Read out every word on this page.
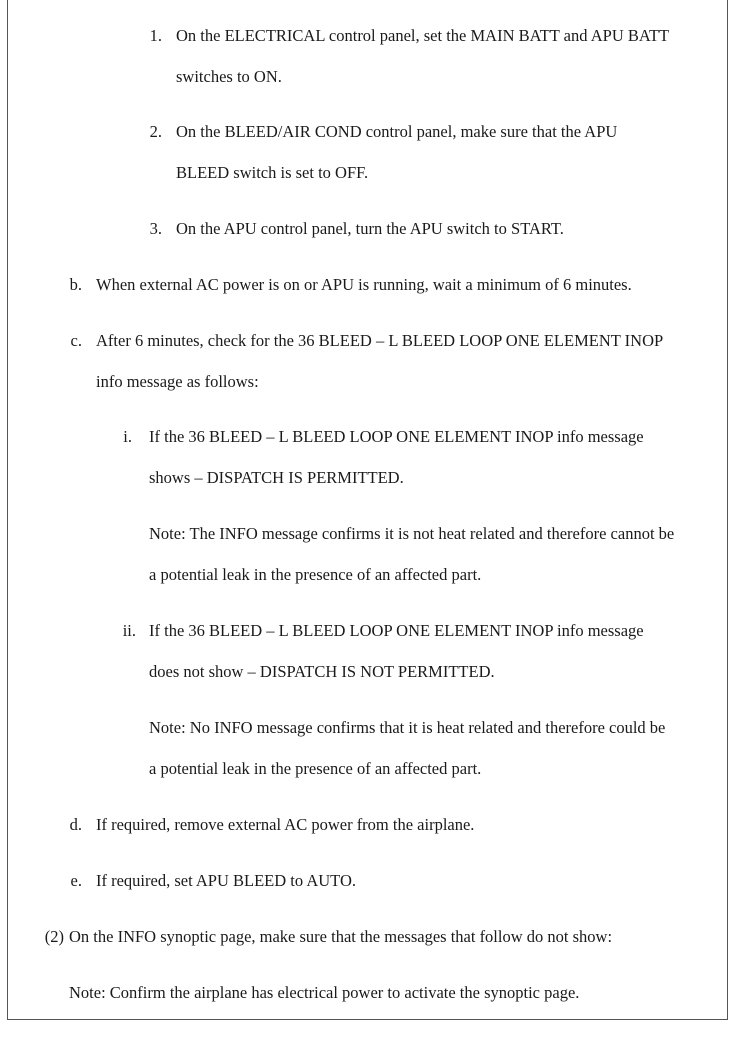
1. On the ELECTRICAL control panel, set the MAIN BATT and APU BATT
switches to ON.
2. On the BLEED/AIR COND control panel, make sure that the APU
BLEED switch is set to OFF.
3. On the APU control panel, turn the APU switch to START.
b. When external AC power is on or APU is running, wait a minimum of 6 minutes.
c. After 6 minutes, check for the 36 BLEED – L BLEED LOOP ONE ELEMENT INOP
info message as follows:
i. If the 36 BLEED – L BLEED LOOP ONE ELEMENT INOP info message
shows – DISPATCH IS PERMITTED.
Note: The INFO message confirms it is not heat related and therefore cannot be
a potential leak in the presence of an affected part.
ii. If the 36 BLEED – L BLEED LOOP ONE ELEMENT INOP info message
does not show – DISPATCH IS NOT PERMITTED.
Note: No INFO message confirms that it is heat related and therefore could be
a potential leak in the presence of an affected part.
d. If required, remove external AC power from the airplane.
e. If required, set APU BLEED to AUTO.
(2) On the INFO synoptic page, make sure that the messages that follow do not show:
Note: Confirm the airplane has electrical power to activate the synoptic page.
